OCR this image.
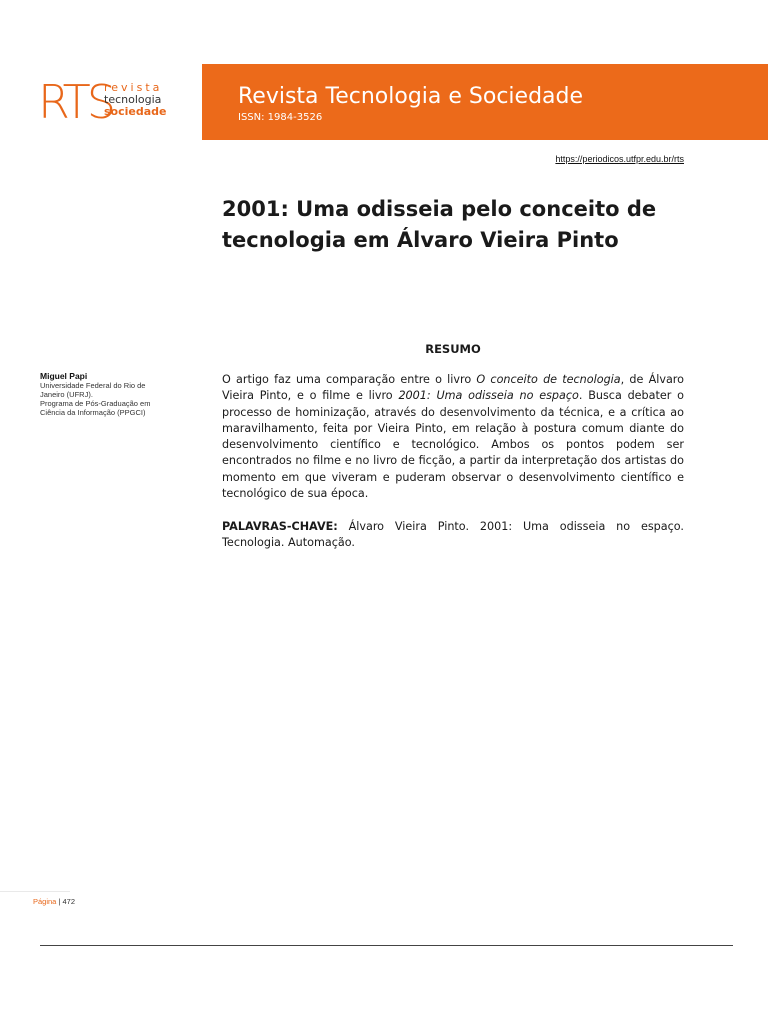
RTS
revista
tecnologia
sociedade
Revista Tecnologia e Sociedade
ISSN: 1984-3526
https://periodicos.utfpr.edu.br/rts
2001: Uma odisseia pelo conceito de tecnologia em Álvaro Vieira Pinto
RESUMO
Miguel Papi
Universidade Federal do Rio de Janeiro (UFRJ).
Programa de Pós-Graduação em Ciência da Informação (PPGCI)

O artigo faz uma comparação entre o livro O conceito de tecnologia, de Álvaro Vieira Pinto, e o filme e livro 2001: Uma odisseia no espaço. Busca debater o processo de hominização, através do desenvolvimento da técnica, e a crítica ao maravilhamento, feita por Vieira Pinto, em relação à postura comum diante do desenvolvimento científico e tecnológico. Ambos os pontos podem ser encontrados no filme e no livro de ficção, a partir da interpretação dos artistas do momento em que viveram e puderam observar o desenvolvimento científico e tecnológico de sua época.

PALAVRAS-CHAVE: Álvaro Vieira Pinto. 2001: Uma odisseia no espaço. Tecnologia. Automação.

Página | 472
